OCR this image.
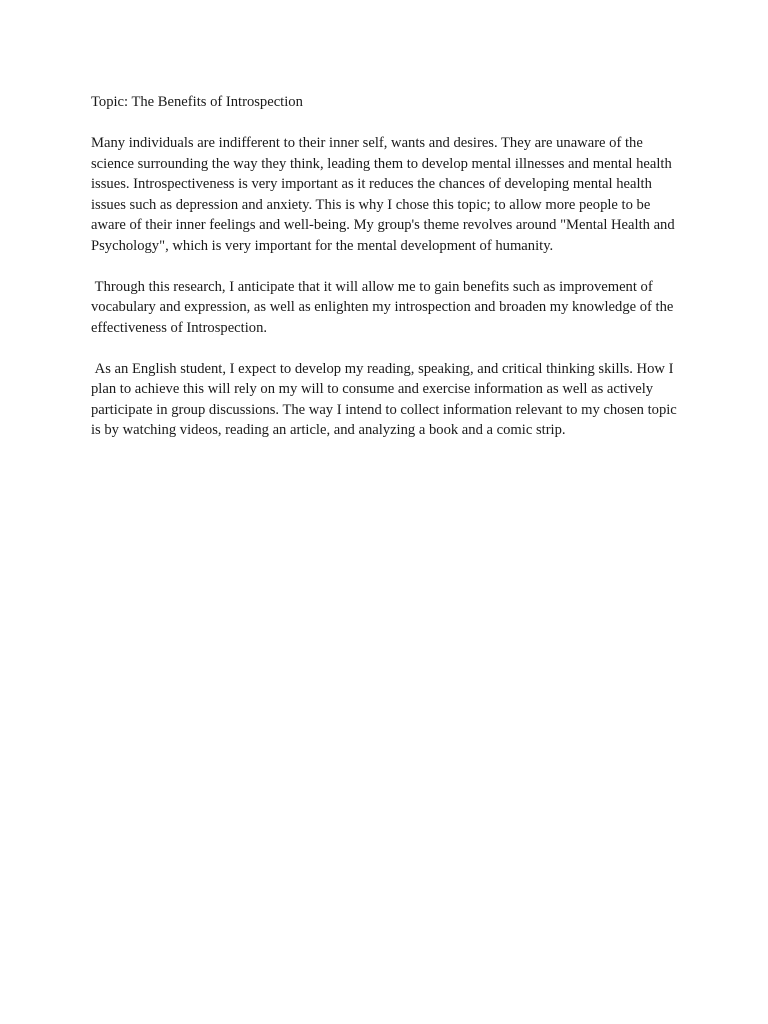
Topic: The Benefits of Introspection

Many individuals are indifferent to their inner self, wants and desires. They are unaware of the science surrounding the way they think, leading them to develop mental illnesses and mental health issues. Introspectiveness is very important as it reduces the chances of developing mental health issues such as depression and anxiety. This is why I chose this topic; to allow more people to be aware of their inner feelings and well-being. My group's theme revolves around "Mental Health and Psychology", which is very important for the mental development of humanity.

Through this research, I anticipate that it will allow me to gain benefits such as improvement of vocabulary and expression, as well as enlighten my introspection and broaden my knowledge of the effectiveness of Introspection.

As an English student, I expect to develop my reading, speaking, and critical thinking skills. How I plan to achieve this will rely on my will to consume and exercise information as well as actively participate in group discussions. The way I intend to collect information relevant to my chosen topic is by watching videos, reading an article, and analyzing a book and a comic strip.
